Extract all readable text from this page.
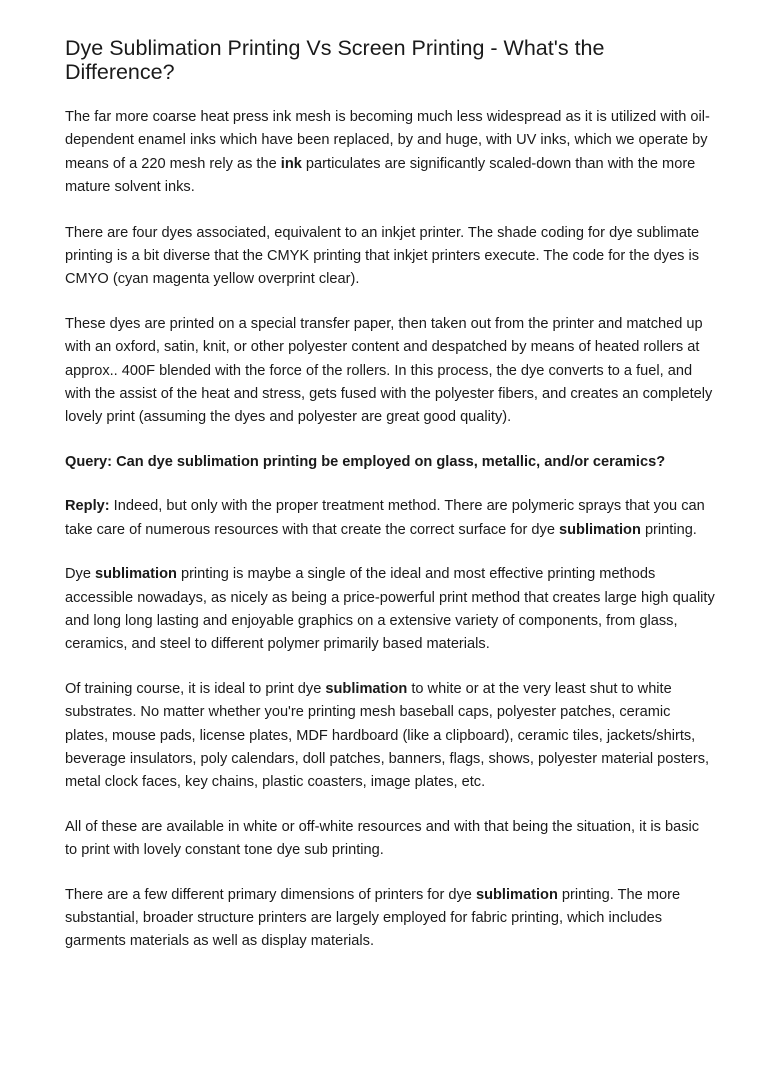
Dye Sublimation Printing Vs Screen Printing - What's the Difference?

The far more coarse heat press ink mesh is becoming much less widespread as it is utilized with oil-dependent enamel inks which have been replaced, by and huge, with UV inks, which we operate by means of a 220 mesh rely as the ink particulates are significantly scaled-down than with the more mature solvent inks.

There are four dyes associated, equivalent to an inkjet printer. The shade coding for dye sublimate printing is a bit diverse that the CMYK printing that inkjet printers execute. The code for the dyes is CMYO (cyan magenta yellow overprint clear).

These dyes are printed on a special transfer paper, then taken out from the printer and matched up with an oxford, satin, knit, or other polyester content and despatched by means of heated rollers at approx.. 400F blended with the force of the rollers. In this process, the dye converts to a fuel, and with the assist of the heat and stress, gets fused with the polyester fibers, and creates an completely lovely print (assuming the dyes and polyester are great good quality).

Query: Can dye sublimation printing be employed on glass, metallic, and/or ceramics?

Reply: Indeed, but only with the proper treatment method. There are polymeric sprays that you can take care of numerous resources with that create the correct surface for dye sublimation printing.

Dye sublimation printing is maybe a single of the ideal and most effective printing methods accessible nowadays, as nicely as being a price-powerful print method that creates large high quality and long long lasting and enjoyable graphics on a extensive variety of components, from glass, ceramics, and steel to different polymer primarily based materials.

Of training course, it is ideal to print dye sublimation to white or at the very least shut to white substrates. No matter whether you're printing mesh baseball caps, polyester patches, ceramic plates, mouse pads, license plates, MDF hardboard (like a clipboard), ceramic tiles, jackets/shirts, beverage insulators, poly calendars, doll patches, banners, flags, shows, polyester material posters, metal clock faces, key chains, plastic coasters, image plates, etc.

All of these are available in white or off-white resources and with that being the situation, it is basic to print with lovely constant tone dye sub printing.

There are a few different primary dimensions of printers for dye sublimation printing. The more substantial, broader structure printers are largely employed for fabric printing, which includes garments materials as well as display materials.
